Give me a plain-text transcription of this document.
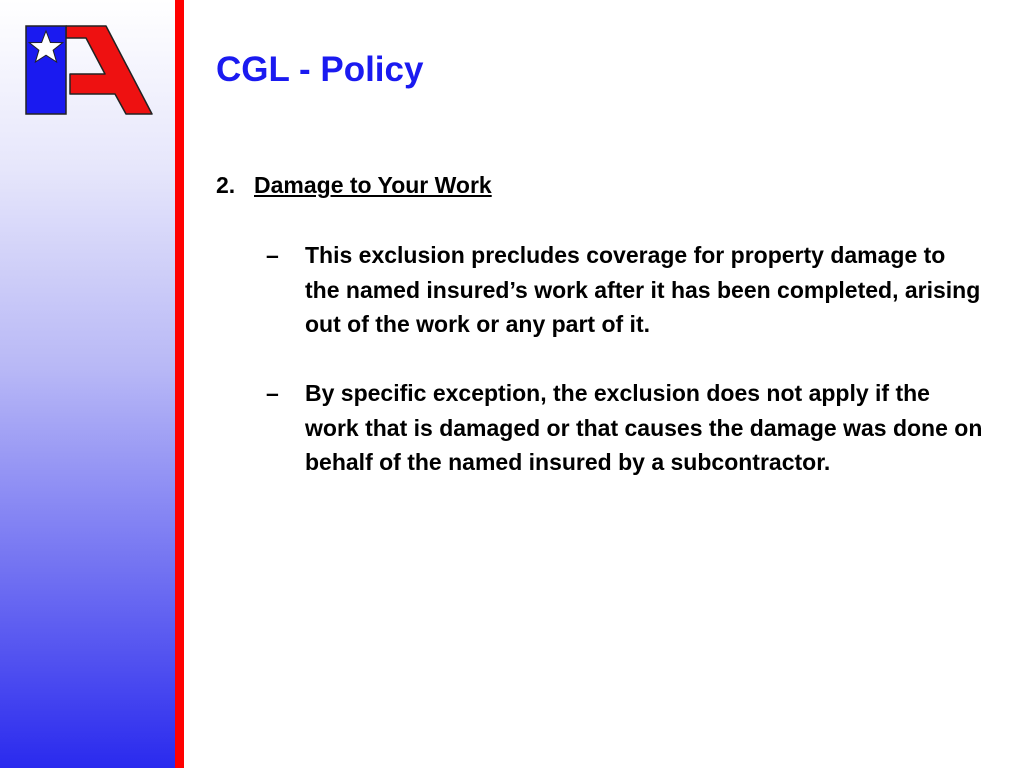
CGL - Policy
2. Damage to Your Work
– This exclusion precludes coverage for property damage to the named insured’s work after it has been completed, arising out of the work or any part of it.
– By specific exception, the exclusion does not apply if the work that is damaged or that causes the damage was done on behalf of the named insured by a subcontractor.
